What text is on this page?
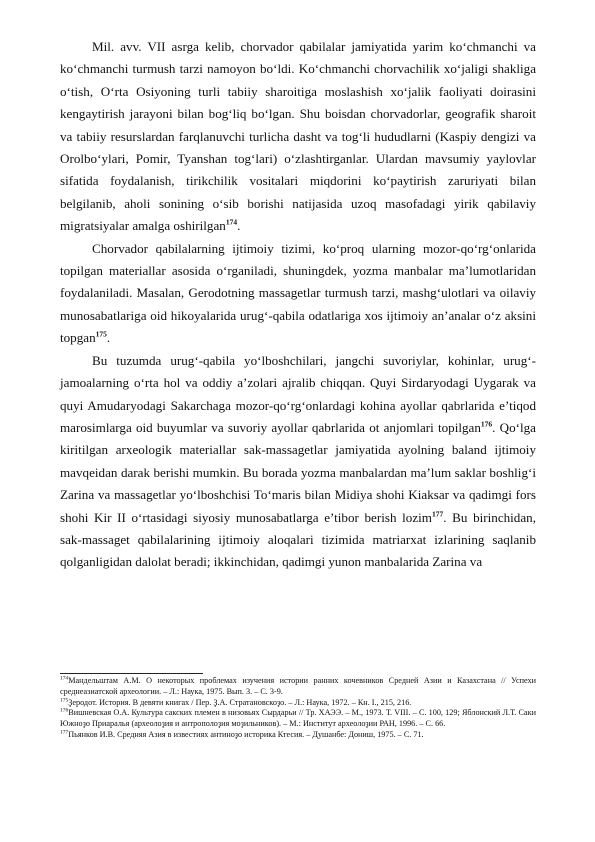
Mil. avv. VII asrga kelib, chorvador qabilalar jamiyatida yarim ko‘chmanchi va ko‘chmanchi turmush tarzi namoyon bo‘ldi. Ko‘chmanchi chorvachilik xo‘jaligi shakliga o‘tish, O‘rta Osiyoning turli tabiiy sharoitiga moslashish xo‘jalik faoliyati doirasini kengaytirish jarayoni bilan bog‘liq bo‘lgan. Shu boisdan chorvadorlar, geografik sharoit va tabiiy resurslardan farqlanuvchi turlicha dasht va tog‘li hududlarni (Kaspiy dengizi va Orolbo‘ylari, Pomir, Tyanshan tog‘lari) o‘zlashtirganlar. Ulardan mavsumiy yaylovlar sifatida foydalanish, tirikchilik vositalari miqdorini ko‘paytirish zaruriyati bilan belgilanib, aholi sonining o‘sib borishi natijasida uzoq masofadagi yirik qabilaviy migratsiyalar amalga oshirilgan$^{174}$.

Chorvador qabilalarning ijtimoiy tizimi, ko‘proq ularning mozor-qo‘rg‘onlarida topilgan materiallar asosida o‘rganiladi, shuningdek, yozma manbalar ma’lumotlaridan foydalaniladi. Masalan, Gerodotning massagetlar turmush tarzi, mashg‘ulotlari va oilaviy munosabatlariga oid hikoyalarida urug‘-qabila odatlariga xos ijtimoiy an’analar o‘z aksini topgan$^{175}$.

Bu tuzumda urug‘-qabila yo‘lboshchilari, jangchi suvoriylar, kohinlar, urug‘-jamoalarning o‘rta hol va oddiy a’zolari ajralib chiqqan. Quyi Sirdaryodagi Uygarak va quyi Amudaryodagi Sakarchaga mozor-qo‘rg‘onlardagi kohina ayollar qabrlarida e’tiqod marosimlarga oid buyumlar va suvoriy ayollar qabrlarida ot anjomlari topilgan$^{176}$. Qo‘lga kiritilgan arxeologik materiallar sak-massagetlar jamiyatida ayolning baland ijtimoiy mavqeidan darak berishi mumkin. Bu borada yozma manbalardan ma’lum saklar boshlig‘i Zarina va massagetlar yo‘lboshchisi To‘maris bilan Midiya shohi Kiaksar va qadimgi fors shohi Kir II o‘rtasidagi siyosiy munosabatlarga e’tibor berish lozim$^{177}$. Bu birinchidan, sak-massaget qabilalarining ijtimoiy aloqalari tizimida matriarxat izlarining saqlanib qolganligidan dalolat beradi; ikkinchidan, qadimgi yunon manbalarida Zarina va

$^{174}$Мандельштам А.М. О некоторых проблемах изучения истории ранних кочевников Средней Азии и Казахстана // Успехи среднеазиатской археологии. – Л.: Наука, 1975. Вып. 3. – С. 3-9.

$^{175}$Ҙеродот. История. В девяти книгах / Пер. Ҙ.А. Стратановскоҙо. – Л.: Наука, 1972. – Кн. I., 215, 216.

$^{176}$Вишневская О.А. Культура сакских племен в низовьях Сырдарьи // Тр. ХАЭЭ. – М., 1973. Т. VIII. – С. 100, 129; Яблонский Л.Т. Саки Южноҙо Приаралья (археолоҙия и антрополоҙия моҙильников). – М.: Институт археолоҙии РАН, 1996. – С. 66.

$^{177}$Пьянков И.В. Средняя Азия в известиях антиноҙо историка Ктесия. – Душанбе: Дониш, 1975. – С. 71.
